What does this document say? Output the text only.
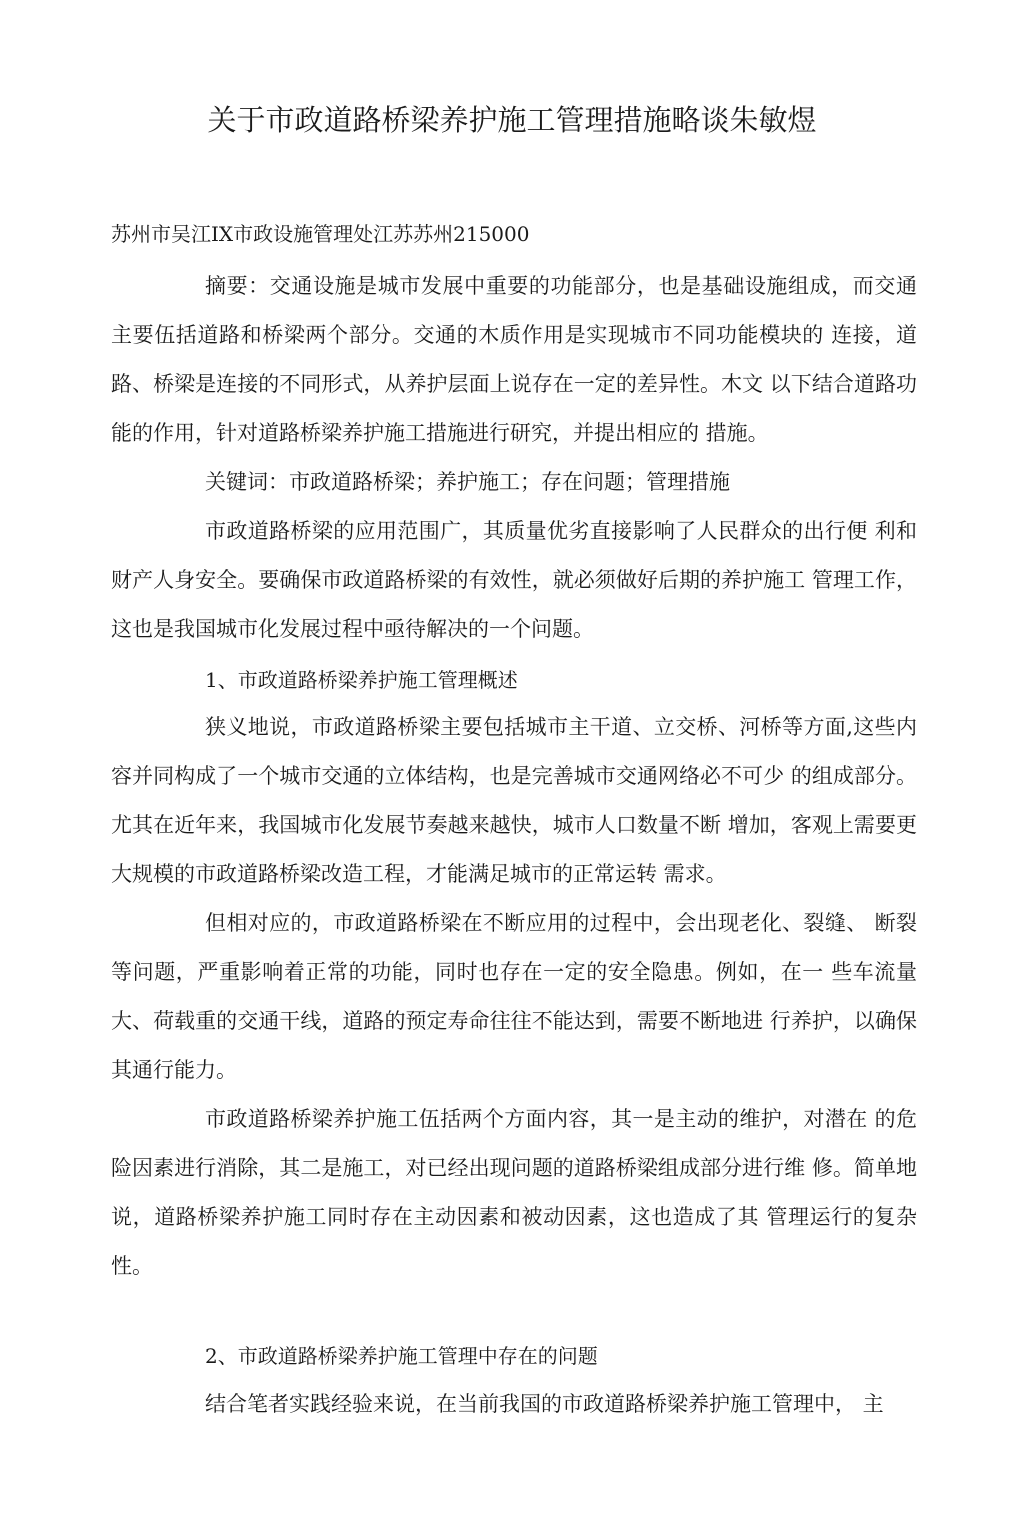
关于市政道路桥梁养护施工管理措施略谈朱敏煜
苏州市吴江IX市政设施管理处江苏苏州215000

摘要：交通设施是城市发展中重要的功能部分，也是基础设施组成，而交通主要伍括道路和桥梁两个部分。交通的木质作用是实现城市不同功能模块的 连接，道路、桥梁是连接的不同形式，从养护层面上说存在一定的差异性。木文 以下结合道路功能的作用，针对道路桥梁养护施工措施进行研究，并提出相应的 措施。

关键词：市政道路桥梁；养护施工；存在问题；管理措施

市政道路桥梁的应用范围广，其质量优劣直接影响了人民群众的出行便 利和财产人身安全。要确保市政道路桥梁的有效性，就必须做好后期的养护施工 管理工作，这也是我国城市化发展过程中亟待解决的一个问题。

1、市政道路桥梁养护施工管理概述

狭义地说，市政道路桥梁主要包括城市主干道、立交桥、河桥等方面,这些内容并同构成了一个城市交通的立体结构，也是完善城市交通网络必不可少 的组成部分。尤其在近年来，我国城市化发展节奏越来越快，城市人口数量不断 增加，客观上需要更大规模的市政道路桥梁改造工程，才能满足城市的正常运转 需求。

但相对应的，市政道路桥梁在不断应用的过程中，会出现老化、裂缝、 断裂等问题，严重影响着正常的功能，同时也存在一定的安全隐患。例如，在一 些车流量大、荷载重的交通干线，道路的预定寿命往往不能达到，需要不断地进 行养护，以确保其通行能力。

市政道路桥梁养护施工伍括两个方面内容，其一是主动的维护，对潜在 的危险因素进行消除，其二是施工，对已经出现问题的道路桥梁组成部分进行维 修。简单地说，道路桥梁养护施工同时存在主动因素和被动因素，这也造成了其 管理运行的复杂性。

2、市政道路桥梁养护施工管理中存在的问题

结合笔者实践经验来说，在当前我国的市政道路桥梁养护施工管理中， 主
